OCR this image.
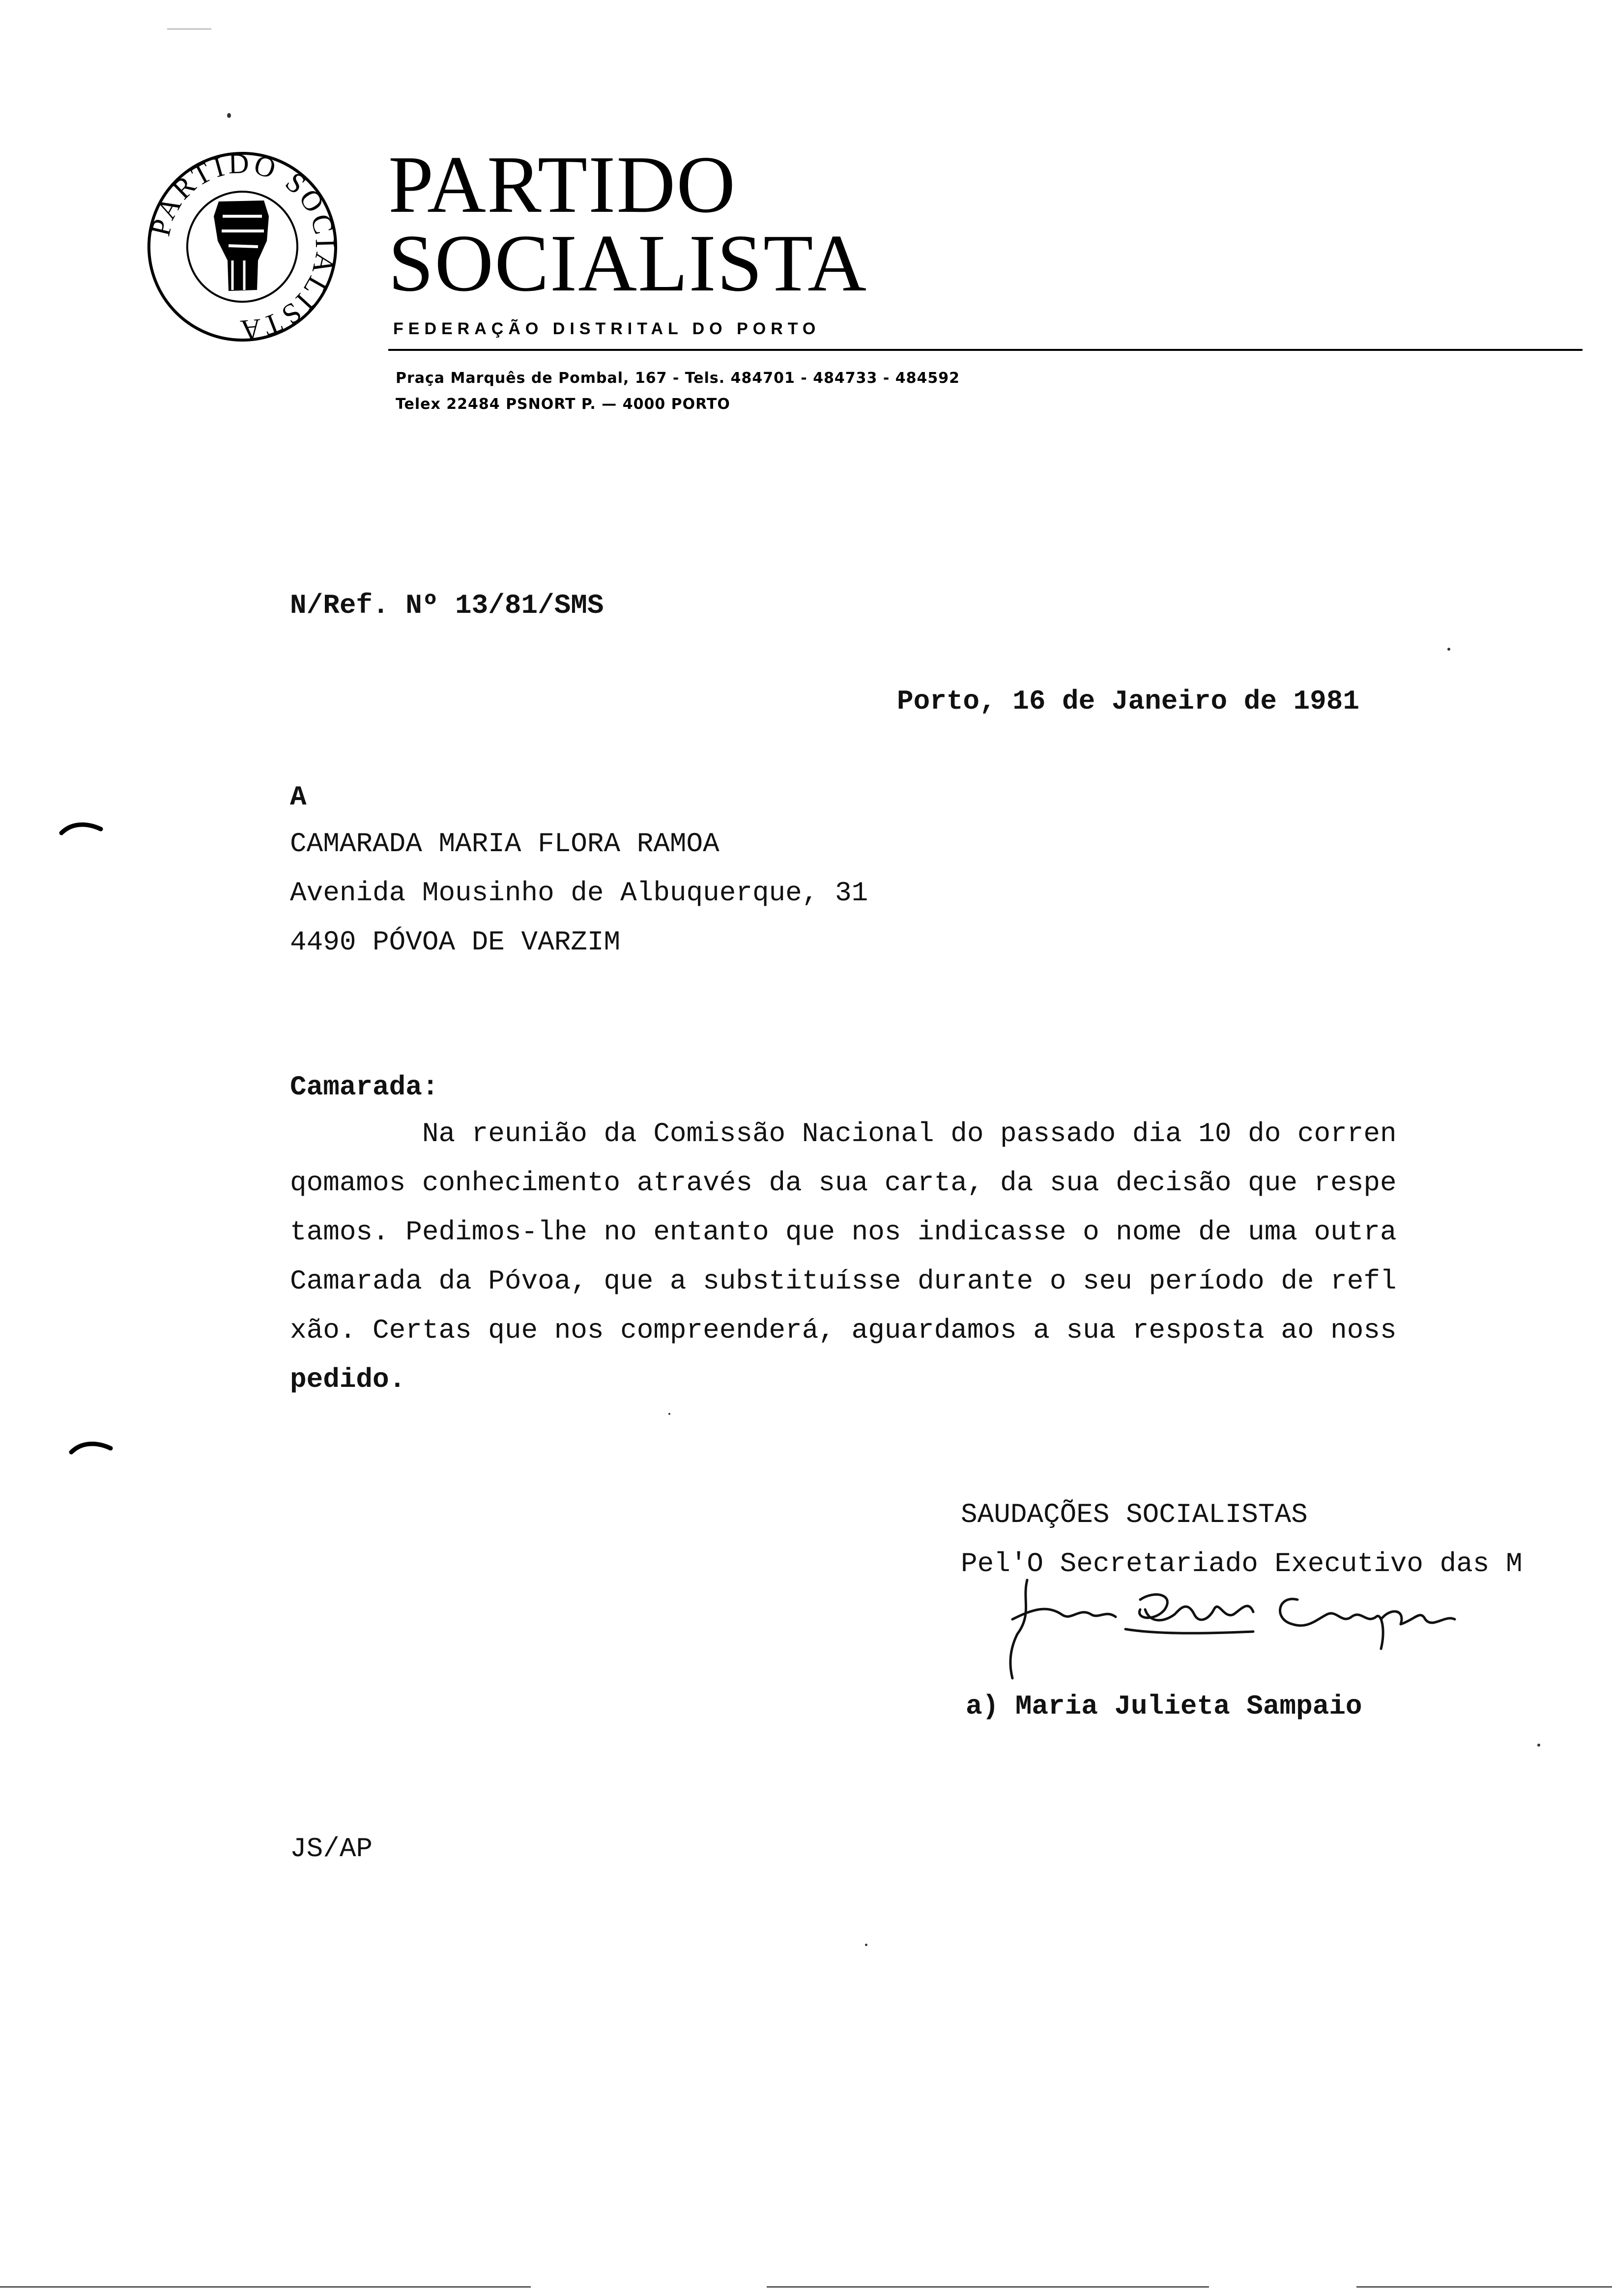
PARTIDO SOCIALISTA
PARTIDO
SOCIALISTA
FEDERAÇÃO DISTRITAL DO PORTO
Praça Marquês de Pombal, 167 - Tels. 484701 - 484733 - 484592
Telex 22484 PSNORT P. — 4000 PORTO
N/Ref. Nº 13/81/SMS
Porto, 16 de Janeiro de 1981
A
CAMARADA MARIA FLORA RAMOA
Avenida Mousinho de Albuquerque, 31
4490 PÓVOA DE VARZIM
Camarada:
Na reunião da Comissão Nacional do passado dia 10 do corren
qomamos conhecimento através da sua carta, da sua decisão que respe
tamos. Pedimos-lhe no entanto que nos indicasse o nome de uma outra
Camarada da Póvoa, que a substituísse durante o seu período de refl
xão. Certas que nos compreenderá, aguardamos a sua resposta ao noss
pedido.
SAUDAÇÕES SOCIALISTAS
Pel'O Secretariado Executivo das M
a) Maria Julieta Sampaio
JS/AP
